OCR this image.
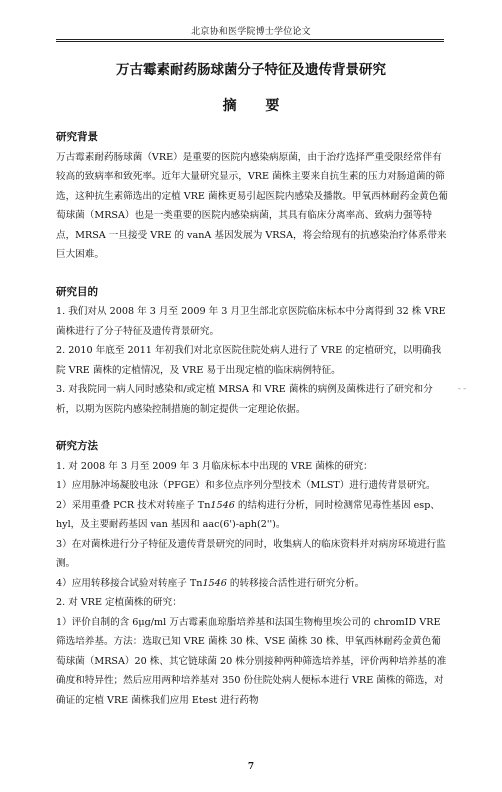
北京协和医学院博士学位论文
万古霉素耐药肠球菌分子特征及遗传背景研究
摘 要

研究背景

万古霉素耐药肠球菌（VRE）是重要的医院内感染病原菌，由于治疗选择严重受限经常伴有较高的致病率和致死率。近年大量研究显示，VRE 菌株主要来自抗生素的压力对肠道菌的筛选，这种抗生素筛选出的定植 VRE 菌株更易引起医院内感染及播散。甲氧西林耐药金黄色葡萄球菌（MRSA）也是一类重要的医院内感染病菌，其具有临床分离率高、致病力强等特点，MRSA 一旦接受 VRE 的 vanA 基因发展为 VRSA，将会给现有的抗感染治疗体系带来巨大困难。

研究目的

1. 我们对从 2008 年 3 月至 2009 年 3 月卫生部北京医院临床标本中分离得到 32 株 VRE 菌株进行了分子特征及遗传背景研究。

2. 2010 年底至 2011 年初我们对北京医院住院处病人进行了 VRE 的定植研究，以明确我院 VRE 菌株的定植情况，及 VRE 易于出现定植的临床病例特征。

3. 对我院同一病人同时感染和/或定植 MRSA 和 VRE 菌株的病例及菌株进行了研究和分析，以期为医院内感染控制措施的制定提供一定理论依据。

研究方法

1. 对 2008 年 3 月至 2009 年 3 月临床标本中出现的 VRE 菌株的研究：

1）应用脉冲场凝胶电泳（PFGE）和多位点序列分型技术（MLST）进行遗传背景研究。

2）采用重叠 PCR 技术对转座子 Tn1546 的结构进行分析，同时检测常见毒性基因 esp、hyl，及主要耐药基因 van 基因和 aac(6')-aph(2'')。

3）在对菌株进行分子特征及遗传背景研究的同时，收集病人的临床资料并对病房环境进行监测。

4）应用转移接合试验对转座子 Tn1546 的转移接合活性进行研究分析。

2. 对 VRE 定植菌株的研究：

1）评价自制的含 6μg/ml 万古霉素血琼脂培养基和法国生物梅里埃公司的 chromID VRE 筛选培养基。方法：选取已知 VRE 菌株 30 株、VSE 菌株 30 株、甲氧西林耐药金黄色葡萄球菌（MRSA）20 株、其它链球菌 20 株分别接种两种筛选培养基，评价两种培养基的准确度和特异性；然后应用两种培养基对 350 份住院处病人便标本进行 VRE 菌株的筛选，对确证的定植 VRE 菌株我们应用 Etest 进行药物

- -
7
